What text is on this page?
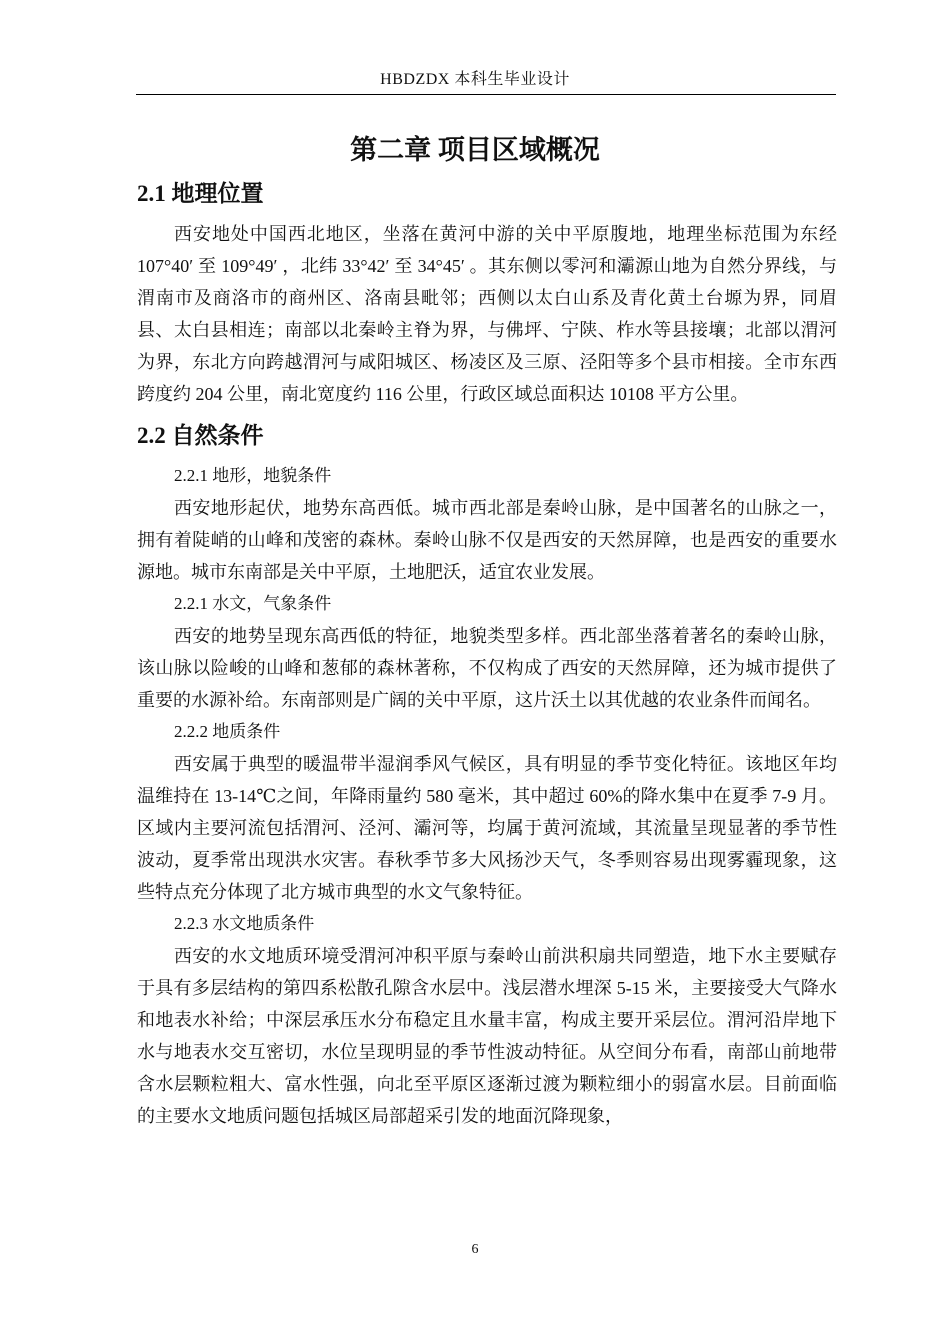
HBDZDX 本科生毕业设计
第二章 项目区域概况
2.1 地理位置

西安地处中国西北地区，坐落在黄河中游的关中平原腹地，地理坐标范围为东经 107°40′ 至 109°49′ ，北纬 33°42′ 至 34°45′ 。其东侧以零河和灞源山地为自然分界线，与渭南市及商洛市的商州区、洛南县毗邻；西侧以太白山系及青化黄土台塬为界，同眉县、太白县相连；南部以北秦岭主脊为界，与佛坪、宁陕、柞水等县接壤；北部以渭河为界，东北方向跨越渭河与咸阳城区、杨凌区及三原、泾阳等多个县市相接。全市东西跨度约 204 公里，南北宽度约 116 公里，行政区域总面积达 10108 平方公里。

2.2 自然条件
2.2.1 地形，地貌条件

西安地形起伏，地势东高西低。城市西北部是秦岭山脉，是中国著名的山脉之一，拥有着陡峭的山峰和茂密的森林。秦岭山脉不仅是西安的天然屏障，也是西安的重要水源地。城市东南部是关中平原，土地肥沃，适宜农业发展。

2.2.1 水文，气象条件

西安的地势呈现东高西低的特征，地貌类型多样。西北部坐落着著名的秦岭山脉，该山脉以险峻的山峰和葱郁的森林著称，不仅构成了西安的天然屏障，还为城市提供了重要的水源补给。东南部则是广阔的关中平原，这片沃土以其优越的农业条件而闻名。

2.2.2 地质条件

西安属于典型的暖温带半湿润季风气候区，具有明显的季节变化特征。该地区年均温维持在 13-14℃之间，年降雨量约 580 毫米，其中超过 60%的降水集中在夏季 7-9 月。区域内主要河流包括渭河、泾河、灞河等，均属于黄河流域，其流量呈现显著的季节性波动，夏季常出现洪水灾害。春秋季节多大风扬沙天气，冬季则容易出现雾霾现象，这些特点充分体现了北方城市典型的水文气象特征。

2.2.3 水文地质条件

西安的水文地质环境受渭河冲积平原与秦岭山前洪积扇共同塑造，地下水主要赋存于具有多层结构的第四系松散孔隙含水层中。浅层潜水埋深 5-15 米，主要接受大气降水和地表水补给；中深层承压水分布稳定且水量丰富，构成主要开采层位。渭河沿岸地下水与地表水交互密切，水位呈现明显的季节性波动特征。从空间分布看，南部山前地带含水层颗粒粗大、富水性强，向北至平原区逐渐过渡为颗粒细小的弱富水层。目前面临的主要水文地质问题包括城区局部超采引发的地面沉降现象，

6
